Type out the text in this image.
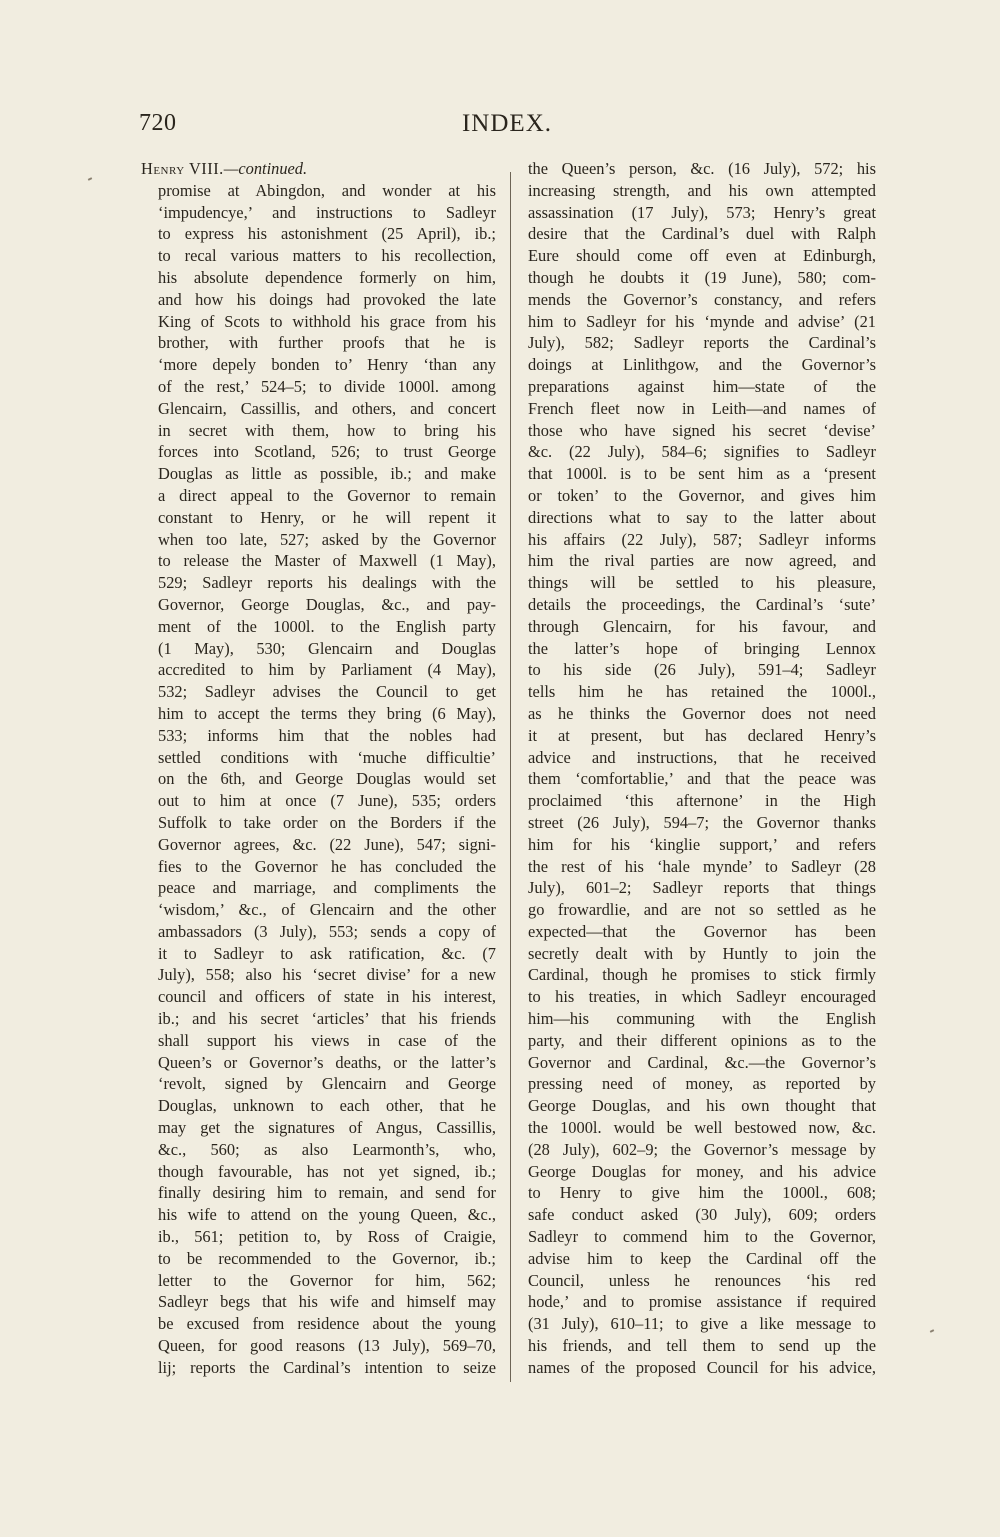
720	INDEX.
Henry VIII.—continued.
promise at Abingdon, and wonder at his
‘impudencye,’ and instructions to Sadleyr
to express his astonishment (25 April), ib.;
to recal various matters to his recollection,
his absolute dependence formerly on him,
and how his doings had provoked the late
King of Scots to withhold his grace from his
brother, with further proofs that he is
‘more depely bonden to’ Henry ‘than any
of the rest,’ 524–5; to divide 1000l. among
Glencairn, Cassillis, and others, and concert
in secret with them, how to bring his
forces into Scotland, 526; to trust George
Douglas as little as possible, ib.; and make
a direct appeal to the Governor to remain
constant to Henry, or he will repent it
when too late, 527; asked by the Governor
to release the Master of Maxwell (1 May),
529; Sadleyr reports his dealings with the
Governor, George Douglas, &c., and pay-
ment of the 1000l. to the English party
(1 May), 530; Glencairn and Douglas
accredited to him by Parliament (4 May),
532; Sadleyr advises the Council to get
him to accept the terms they bring (6 May),
533; informs him that the nobles had
settled conditions with ‘muche difficultie’
on the 6th, and George Douglas would set
out to him at once (7 June), 535; orders
Suffolk to take order on the Borders if the
Governor agrees, &c. (22 June), 547; signi-
fies to the Governor he has concluded the
peace and marriage, and compliments the
‘wisdom,’ &c., of Glencairn and the other
ambassadors (3 July), 553; sends a copy of
it to Sadleyr to ask ratification, &c. (7
July), 558; also his ‘secret divise’ for a new
council and officers of state in his interest,
ib.; and his secret ‘articles’ that his friends
shall support his views in case of the
Queen’s or Governor’s deaths, or the latter’s
‘revolt, signed by Glencairn and George
Douglas, unknown to each other, that he
may get the signatures of Angus, Cassillis,
&c., 560; as also Learmonth’s, who,
though favourable, has not yet signed, ib.;
finally desiring him to remain, and send for
his wife to attend on the young Queen, &c.,
ib., 561; petition to, by Ross of Craigie,
to be recommended to the Governor, ib.;
letter to the Governor for him, 562;
Sadleyr begs that his wife and himself may
be excused from residence about the young
Queen, for good reasons (13 July), 569–70,
lij; reports the Cardinal’s intention to seize
the Queen’s person, &c. (16 July), 572; his
increasing strength, and his own attempted
assassination (17 July), 573; Henry’s great
desire that the Cardinal’s duel with Ralph
Eure should come off even at Edinburgh,
though he doubts it (19 June), 580; com-
mends the Governor’s constancy, and refers
him to Sadleyr for his ‘mynde and advise’ (21
July), 582; Sadleyr reports the Cardinal’s
doings at Linlithgow, and the Governor’s
preparations against him—state of the
French fleet now in Leith—and names of
those who have signed his secret ‘devise’
&c. (22 July), 584–6; signifies to Sadleyr
that 1000l. is to be sent him as a ‘present
or token’ to the Governor, and gives him
directions what to say to the latter about
his affairs (22 July), 587; Sadleyr informs
him the rival parties are now agreed, and
things will be settled to his pleasure,
details the proceedings, the Cardinal’s ‘sute’
through Glencairn, for his favour, and
the latter’s hope of bringing Lennox
to his side (26 July), 591–4; Sadleyr
tells him he has retained the 1000l.,
as he thinks the Governor does not need
it at present, but has declared Henry’s
advice and instructions, that he received
them ‘comfortablie,’ and that the peace was
proclaimed ‘this afternone’ in the High
street (26 July), 594–7; the Governor thanks
him for his ‘kinglie support,’ and refers
the rest of his ‘hale mynde’ to Sadleyr (28
July), 601–2; Sadleyr reports that things
go frowardlie, and are not so settled as he
expected—that the Governor has been
secretly dealt with by Huntly to join the
Cardinal, though he promises to stick firmly
to his treaties, in which Sadleyr encouraged
him—his communing with the English
party, and their different opinions as to the
Governor and Cardinal, &c.—the Governor’s
pressing need of money, as reported by
George Douglas, and his own thought that
the 1000l. would be well bestowed now, &c.
(28 July), 602–9; the Governor’s message by
George Douglas for money, and his advice
to Henry to give him the 1000l., 608;
safe conduct asked (30 July), 609; orders
Sadleyr to commend him to the Governor,
advise him to keep the Cardinal off the
Council, unless he renounces ‘his red
hode,’ and to promise assistance if required
(31 July), 610–11; to give a like message to
his friends, and tell them to send up the
names of the proposed Council for his advice,
